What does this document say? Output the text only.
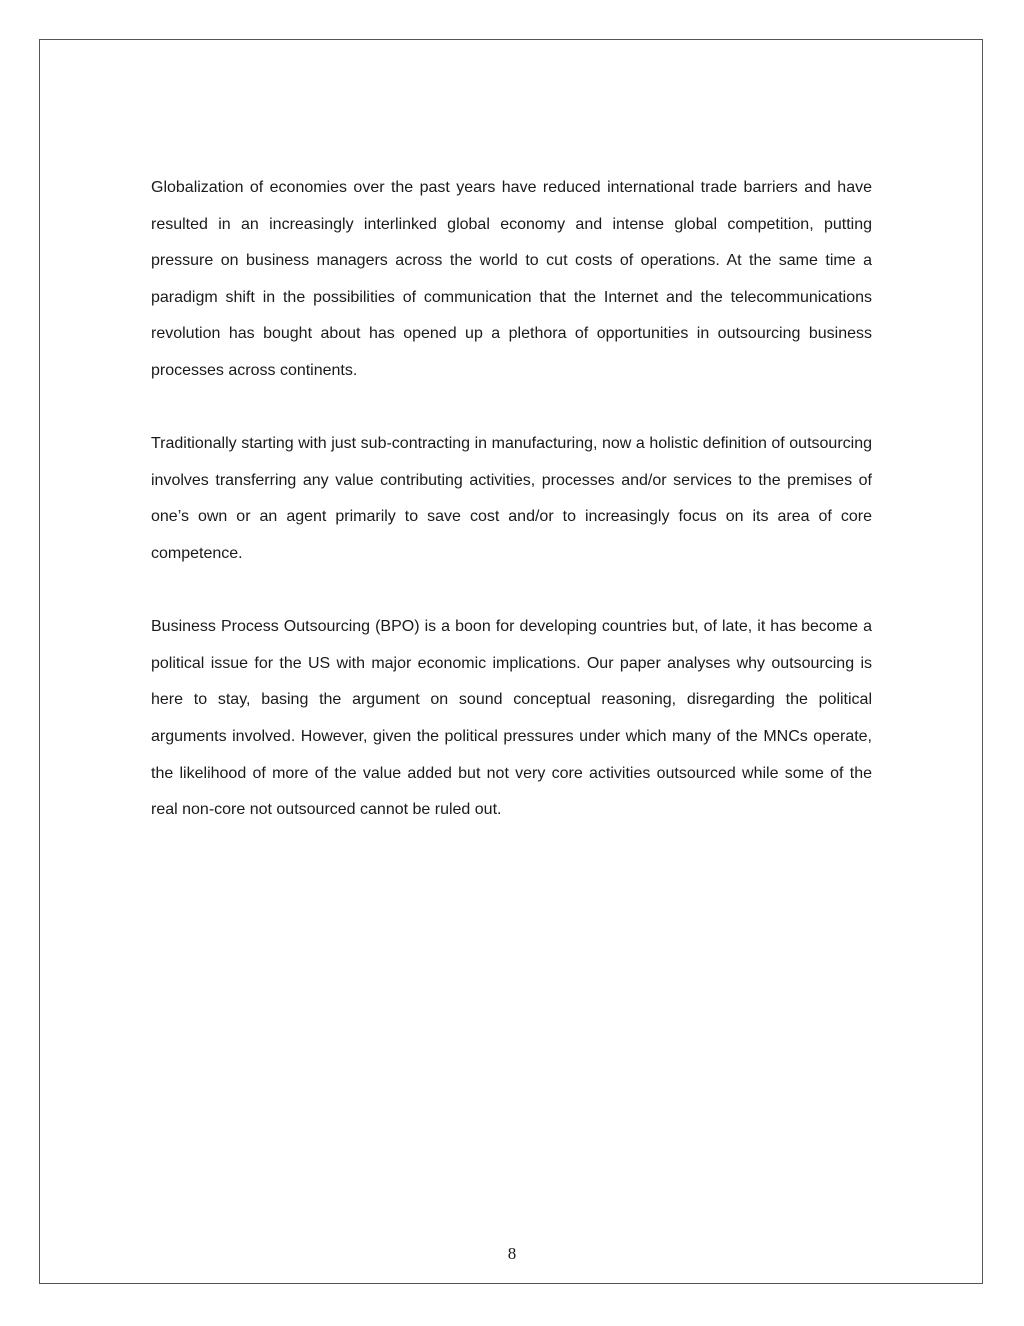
Globalization of economies over the past years have reduced international trade barriers and have resulted in an increasingly interlinked global economy and intense global competition, putting pressure on business managers across the world to cut costs of operations. At the same time a paradigm shift in the possibilities of communication that the Internet and the telecommunications revolution has bought about has opened up a plethora of opportunities in outsourcing business processes across continents.

Traditionally starting with just sub-contracting in manufacturing, now a holistic definition of outsourcing involves transferring any value contributing activities, processes and/or services to the premises of one’s own or an agent primarily to save cost and/or to increasingly focus on its area of core competence.

Business Process Outsourcing (BPO) is a boon for developing countries but, of late, it has become a political issue for the US with major economic implications. Our paper analyses why outsourcing is here to stay, basing the argument on sound conceptual reasoning, disregarding the political arguments involved. However, given the political pressures under which many of the MNCs operate, the likelihood of more of the value added but not very core activities outsourced while some of the real non-core not outsourced cannot be ruled out.

8
